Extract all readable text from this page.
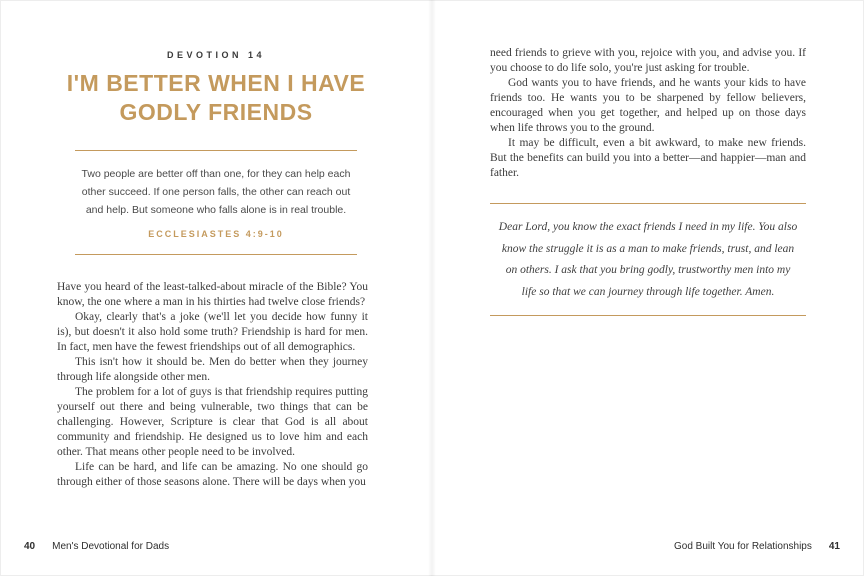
DEVOTION 14
I'M BETTER WHEN I HAVE
GODLY FRIENDS

Two people are better off than one, for they can help each other succeed. If one person falls, the other can reach out and help. But someone who falls alone is in real trouble.

ECCLESIASTES 4:9-10

Have you heard of the least-talked-about miracle of the Bible? You know, the one where a man in his thirties had twelve close friends?

Okay, clearly that's a joke (we'll let you decide how funny it is), but doesn't it also hold some truth? Friendship is hard for men. In fact, men have the fewest friendships out of all demographics.

This isn't how it should be. Men do better when they journey through life alongside other men.

The problem for a lot of guys is that friendship requires putting yourself out there and being vulnerable, two things that can be challenging. However, Scripture is clear that God is all about community and friendship. He designed us to love him and each other. That means other people need to be involved.

Life can be hard, and life can be amazing. No one should go through either of those seasons alone. There will be days when you

40 Men's Devotional for Dads

need friends to grieve with you, rejoice with you, and advise you. If you choose to do life solo, you're just asking for trouble.

God wants you to have friends, and he wants your kids to have friends too. He wants you to be sharpened by fellow believers, encouraged when you get together, and helped up on those days when life throws you to the ground.

It may be difficult, even a bit awkward, to make new friends. But the benefits can build you into a better—and happier—man and father.

Dear Lord, you know the exact friends I need in my life. You also know the struggle it is as a man to make friends, trust, and lean on others. I ask that you bring godly, trustworthy men into my life so that we can journey through life together. Amen.

God Built You for Relationships 41
